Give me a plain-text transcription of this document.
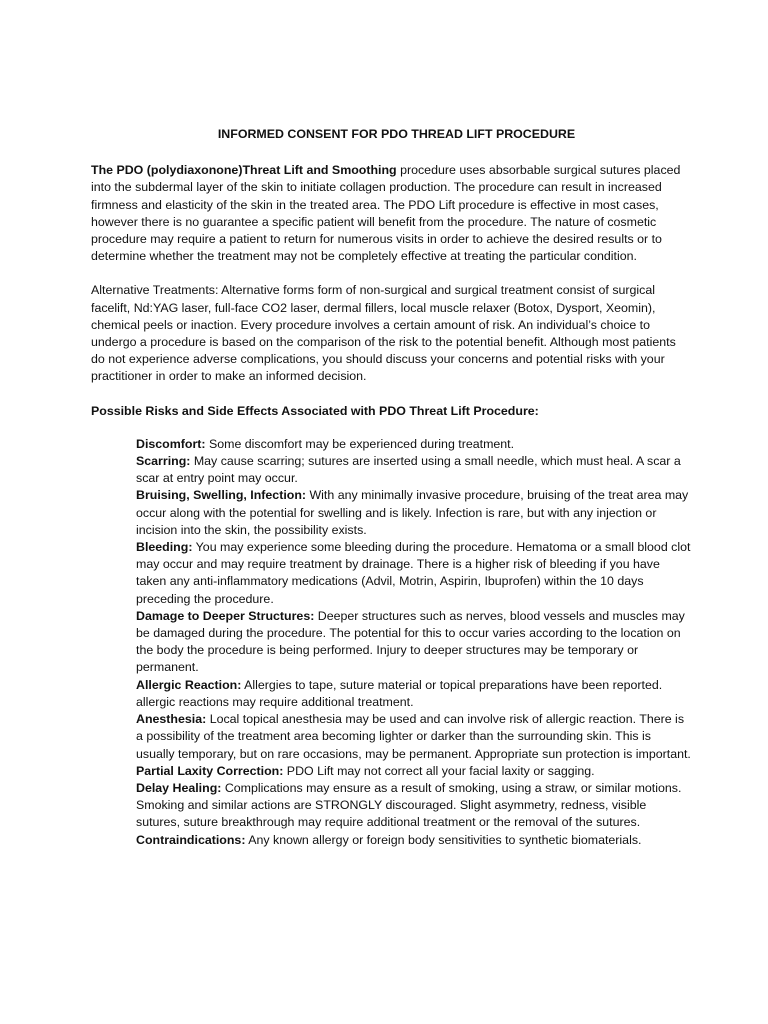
INFORMED CONSENT FOR PDO THREAD LIFT PROCEDURE

The PDO (polydiaxonone)Threat Lift and Smoothing procedure uses absorbable surgical sutures placed into the subdermal layer of the skin to initiate collagen production. The procedure can result in increased firmness and elasticity of the skin in the treated area. The PDO Lift procedure is effective in most cases, however there is no guarantee a specific patient will benefit from the procedure. The nature of cosmetic procedure may require a patient to return for numerous visits in order to achieve the desired results or to determine whether the treatment may not be completely effective at treating the particular condition.

Alternative Treatments: Alternative forms form of non-surgical and surgical treatment consist of surgical facelift, Nd:YAG laser, full-face CO2 laser, dermal fillers, local muscle relaxer (Botox, Dysport, Xeomin), chemical peels or inaction. Every procedure involves a certain amount of risk. An individual’s choice to undergo a procedure is based on the comparison of the risk to the potential benefit. Although most patients do not experience adverse complications, you should discuss your concerns and potential risks with your practitioner in order to make an informed decision.

Possible Risks and Side Effects Associated with PDO Threat Lift Procedure:
Discomfort: Some discomfort may be experienced during treatment.
Scarring: May cause scarring; sutures are inserted using a small needle, which must heal. A scar a scar at entry point may occur.
Bruising, Swelling, Infection: With any minimally invasive procedure, bruising of the treat area may occur along with the potential for swelling and is likely. Infection is rare, but with any injection or incision into the skin, the possibility exists.
Bleeding: You may experience some bleeding during the procedure. Hematoma or a small blood clot may occur and may require treatment by drainage. There is a higher risk of bleeding if you have taken any anti-inflammatory medications (Advil, Motrin, Aspirin, Ibuprofen) within the 10 days preceding the procedure.
Damage to Deeper Structures: Deeper structures such as nerves, blood vessels and muscles may be damaged during the procedure. The potential for this to occur varies according to the location on the body the procedure is being performed. Injury to deeper structures may be temporary or permanent.
Allergic Reaction: Allergies to tape, suture material or topical preparations have been reported. allergic reactions may require additional treatment.
Anesthesia: Local topical anesthesia may be used and can involve risk of allergic reaction. There is a possibility of the treatment area becoming lighter or darker than the surrounding skin. This is usually temporary, but on rare occasions, may be permanent. Appropriate sun protection is important.
Partial Laxity Correction: PDO Lift may not correct all your facial laxity or sagging.
Delay Healing: Complications may ensure as a result of smoking, using a straw, or similar motions. Smoking and similar actions are STRONGLY discouraged. Slight asymmetry, redness, visible sutures, suture breakthrough may require additional treatment or the removal of the sutures.
Contraindications: Any known allergy or foreign body sensitivities to synthetic biomaterials.
